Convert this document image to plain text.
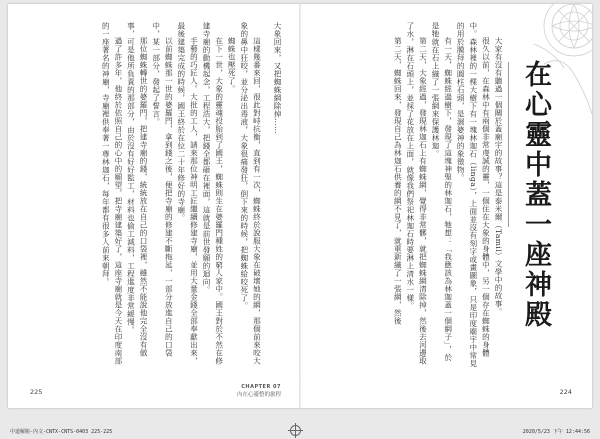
大象回來，又把蜘蛛網除掉……

這樣幾番來回，很此對峙抗衡，直到有一次，蜘蛛終於說服大象在破壞她的網，那個前來咬大象的鼻中狂咬，並分泌出毒液，大象很痛發狂，倒下來的時候，把蜘蛛給咬死了。

蜘蛛也壓死了。

在下一世，大象的靈魂投胎到了國王，蜘蛛則生在婆羅門種姓的窮人家中。國王對於不然在修建寺廟的動機起念，工程浩大，把錢全都砸在裡面，這就是前世發願的迴向。

手藝的巧匠人。大批的工人，請來那位神明工匠繼續修建寺廟，並用大量金錢全部奉獻出來，最後建築完成的時候，國王終於在位二十年修好的寺廟。

以前蜘蛛那一世的婆羅門，拿到錢之後，便把寺廟的修建不斷拖延，一部分放進自己的口袋中，某一部分，發起了誓言。

那位蜘蛛轉世的婆羅門，把建寺廟的錢，統統放在自己的口袋裡，雖然不能說他完全沒有做事，可是他所負責的那部分，由於沒有好好監工，材料也偷工減料，工程進度非常緩慢。

過了許多年，他終於依照自己的心中的願望，把寺廟建築好了，這座寺廟就是今天在印度南部的一座著名的神廟，寺廟裡供奉著一尊林迦石，每年都有很多人前來朝拜。

225
CHAPTER 07
內在心靈整的旅程
在心靈中蓋一座神殿

大家有沒有聽過一個關於蓋廟宇的故事？這是泰米爾（Tamil）文學中的故事。

很久以前，在森林中有兩個非常虔誠的靈，一個住在大象的身體中，另一個存在蜘蛛的身體中。森林裡的一棵大樹下有一塊林迦石（linga），上面並沒有刻字或畫圖象，只是印度廟宇中常見的用於膜拜的圓柱石頭，是濕婆神的象徵物。

有一天，蜘蛛經過樹下，發現了這塊神聖的林迦石，牠想：「我應該為林迦蓋一個網子」，於是牠就在石上織了一張網來保護林迦。

第二天，大象經過，發現林迦石上有蜘蛛網，覺得非常髒，就把蜘蛛網清除掉，然後去河邊取了水，淋在石頭上，並採了花放在上面，就像我們祭祀林迦石時要淋上清水一樣。

第二天，蜘蛛回來，發現自己為林迦石供養的網不見了，就重新織了一張網，然後

224
中道解脫-內文-CNTX-CNTS-0403 225-225	2020/5/23 下午 12:44:56
